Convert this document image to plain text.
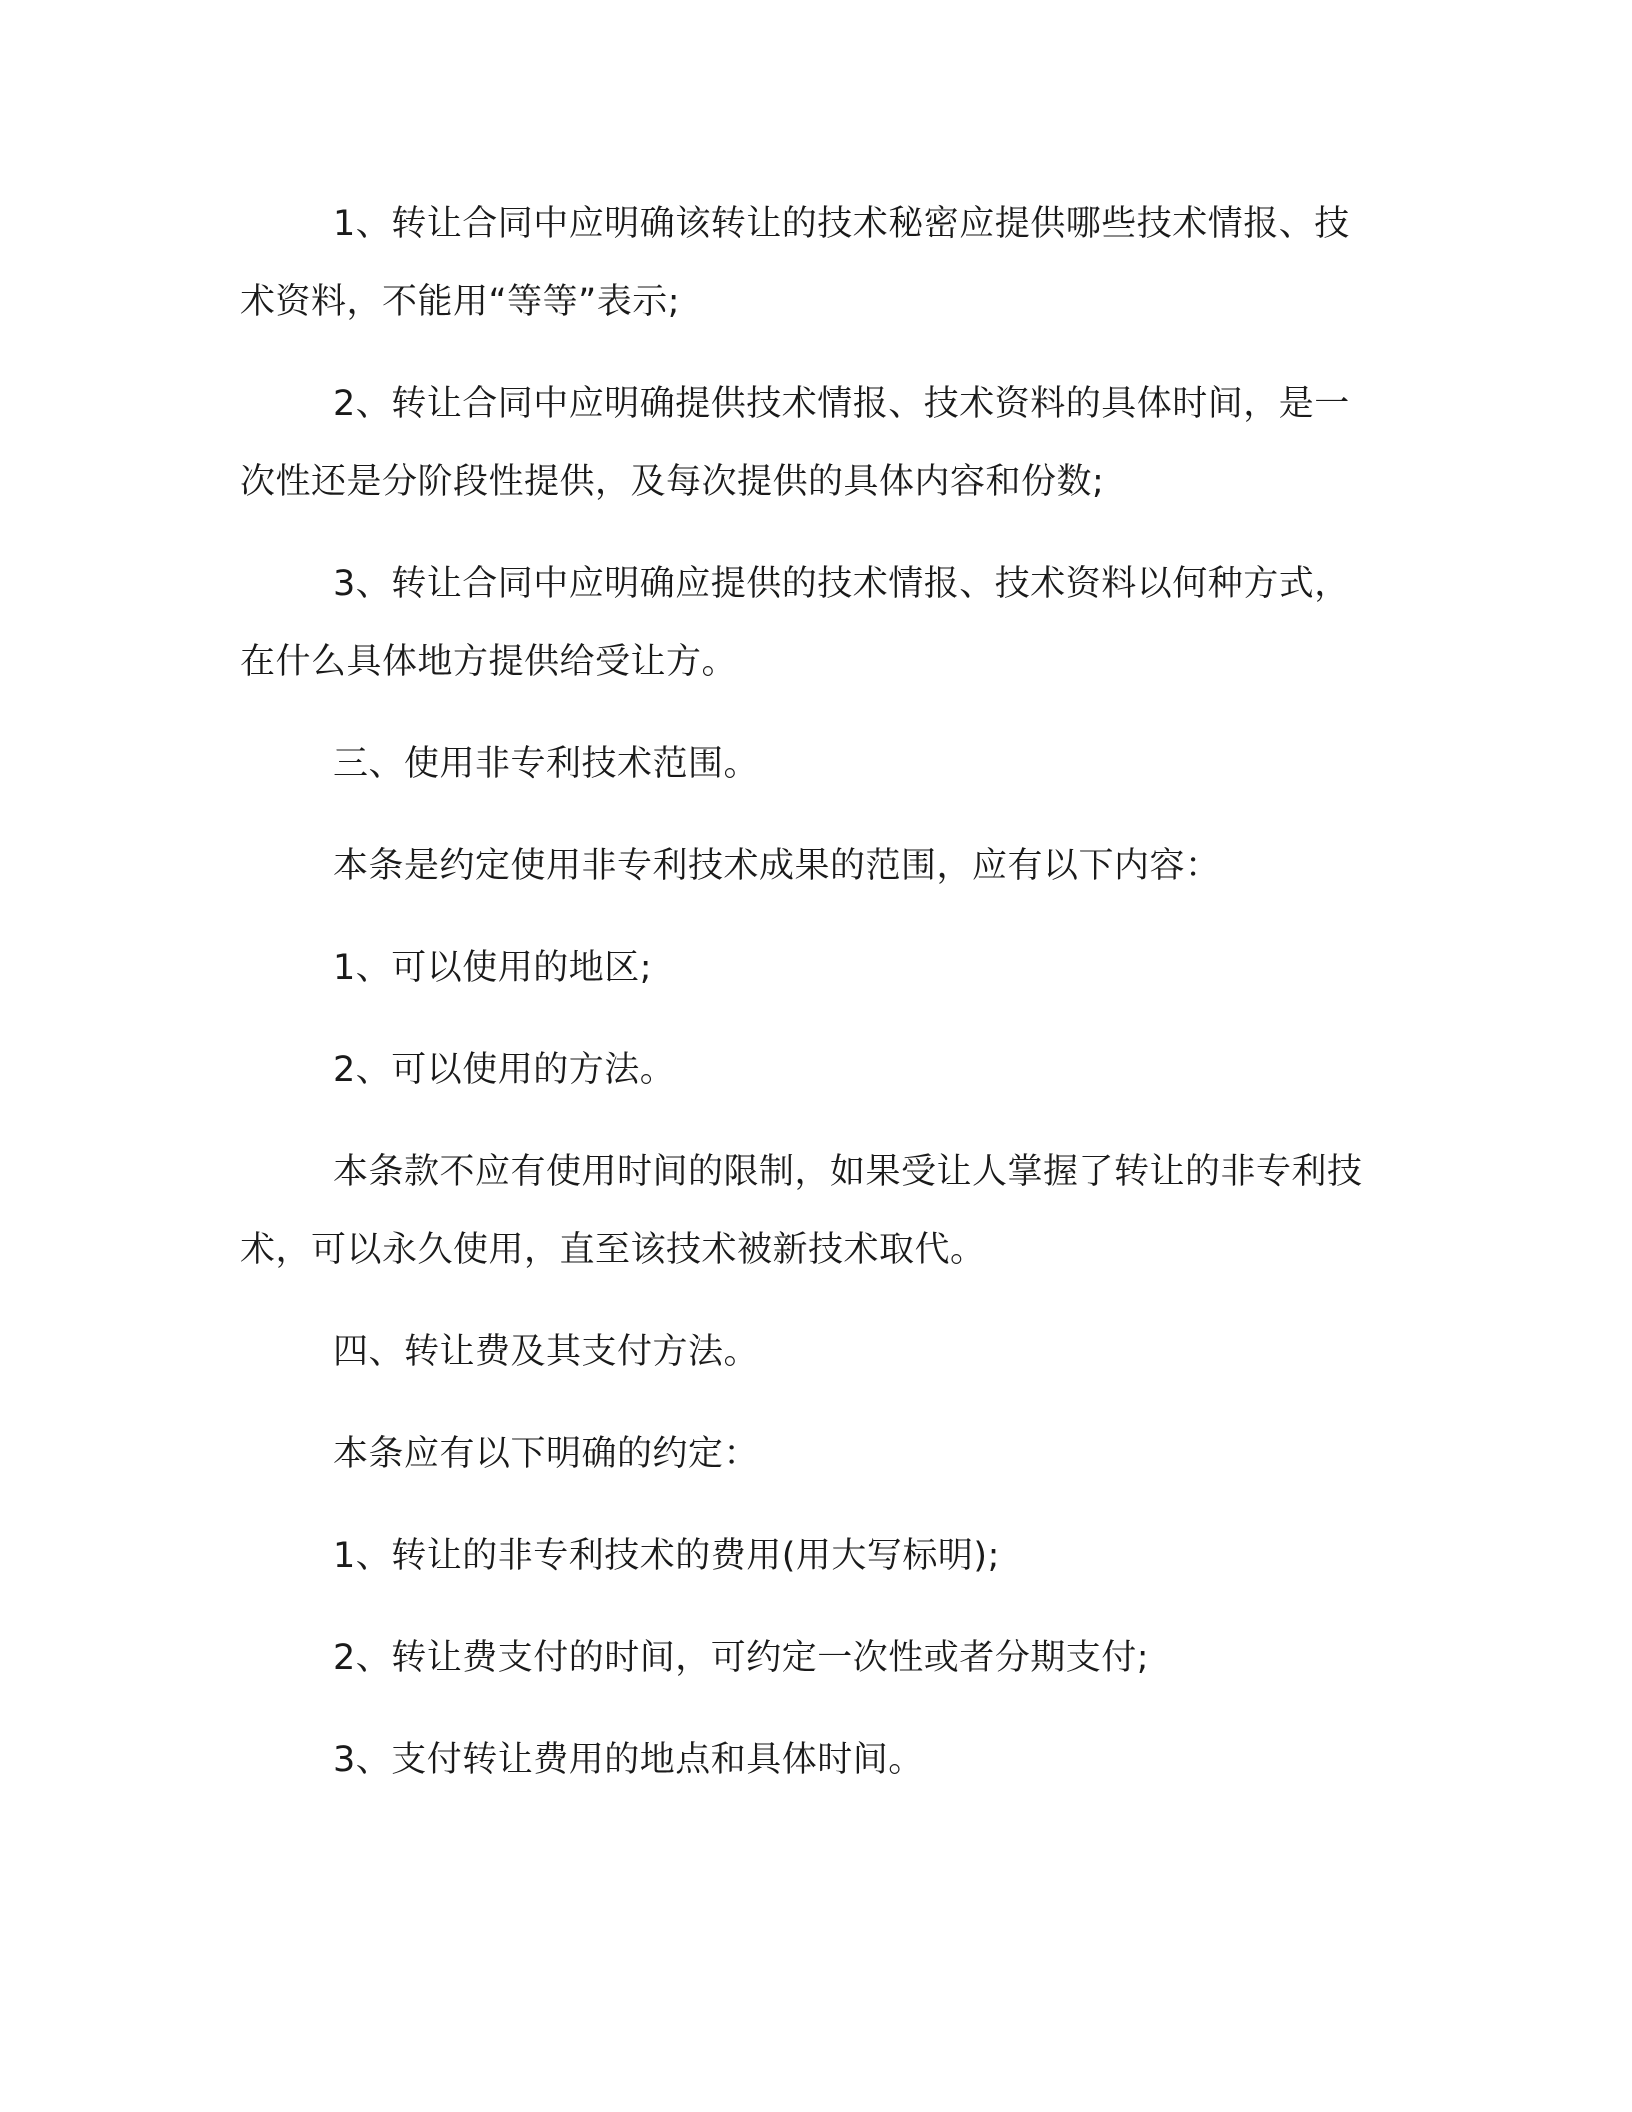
1、转让合同中应明确该转让的技术秘密应提供哪些技术情报、技术资料，不能用“等等”表示;

2、转让合同中应明确提供技术情报、技术资料的具体时间，是一次性还是分阶段性提供，及每次提供的具体内容和份数;

3、转让合同中应明确应提供的技术情报、技术资料以何种方式，在什么具体地方提供给受让方。

三、使用非专利技术范围。

本条是约定使用非专利技术成果的范围，应有以下内容：

1、可以使用的地区;

2、可以使用的方法。

本条款不应有使用时间的限制，如果受让人掌握了转让的非专利技术，可以永久使用，直至该技术被新技术取代。

四、转让费及其支付方法。

本条应有以下明确的约定：

1、转让的非专利技术的费用(用大写标明);

2、转让费支付的时间，可约定一次性或者分期支付;

3、支付转让费用的地点和具体时间。
